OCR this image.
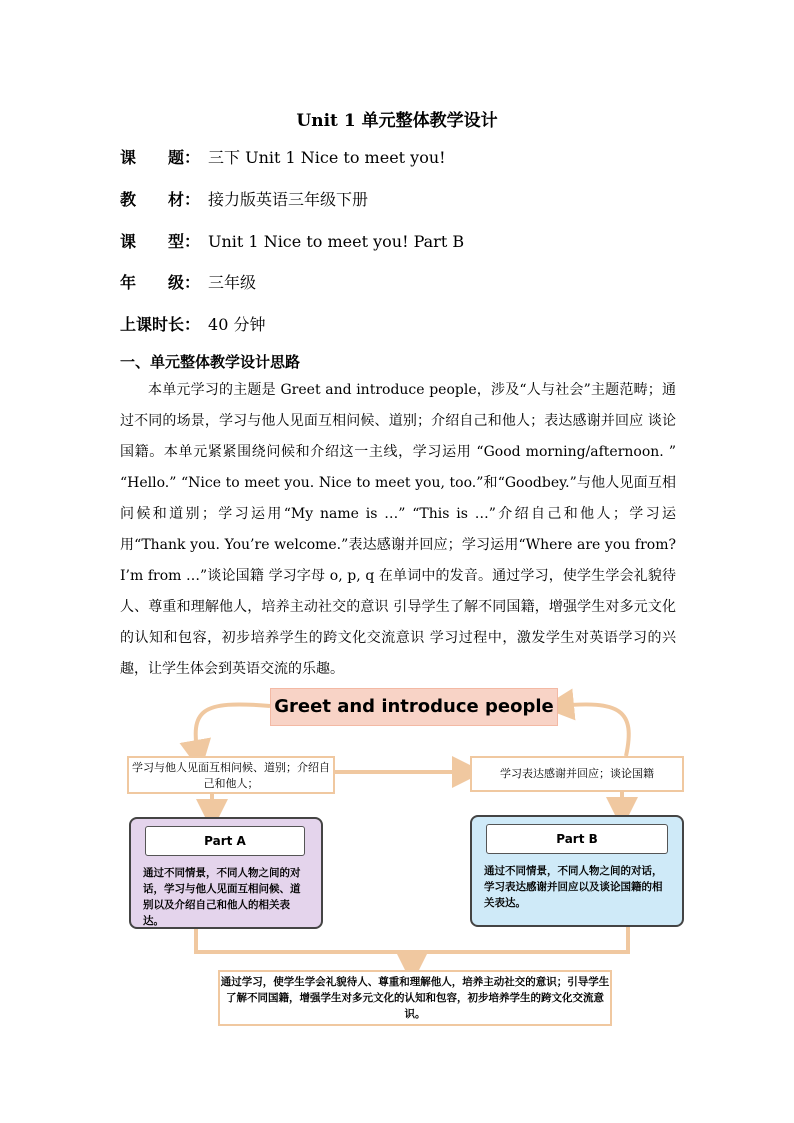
Unit 1 单元整体教学设计
课　　题： 三下 Unit 1 Nice to meet you!
教　　材： 接力版英语三年级下册
课　　型： Unit 1 Nice to meet you! Part B
年　　级： 三年级
上课时长：　40 分钟
一、单元整体教学设计思路

本单元学习的主题是 Greet and introduce people，涉及“人与社会”主题范畴；通过不同的场景，学习与他人见面互相问候、道别；介绍自己和他人；表达感谢并回应 谈论国籍。本单元紧紧围绕问候和介绍这一主线，学习运用 “Good morning/afternoon. ” “Hello.” “Nice to meet you. Nice to meet you, too.”和“Goodbey.”与他人见面互相问候和道别；学习运用“My name is …” “This is …”介绍自己和他人；学习运用“Thank you. You’re welcome.”表达感谢并回应；学习运用“Where are you from? I’m from …”谈论国籍 学习字母 o, p, q 在单词中的发音。通过学习，使学生学会礼貌待人、尊重和理解他人，培养主动社交的意识 引导学生了解不同国籍，增强学生对多元文化的认知和包容，初步培养学生的跨文化交流意识 学习过程中，激发学生对英语学习的兴趣，让学生体会到英语交流的乐趣。

Greet and introduce people
学习与他人见面互相问候、道别；介绍自己和他人；
学习表达感谢并回应；谈论国籍
Part A
通过不同情景，不同人物之间的对话，学习与他人见面互相问候、道别以及介绍自己和他人的相关表达。
Part B
通过不同情景，不同人物之间的对话，学习表达感谢并回应以及谈论国籍的相关表达。
通过学习，使学生学会礼貌待人、尊重和理解他人，培养主动社交的意识；引导学生了解不同国籍，增强学生对多元文化的认知和包容，初步培养学生的跨文化交流意识。
